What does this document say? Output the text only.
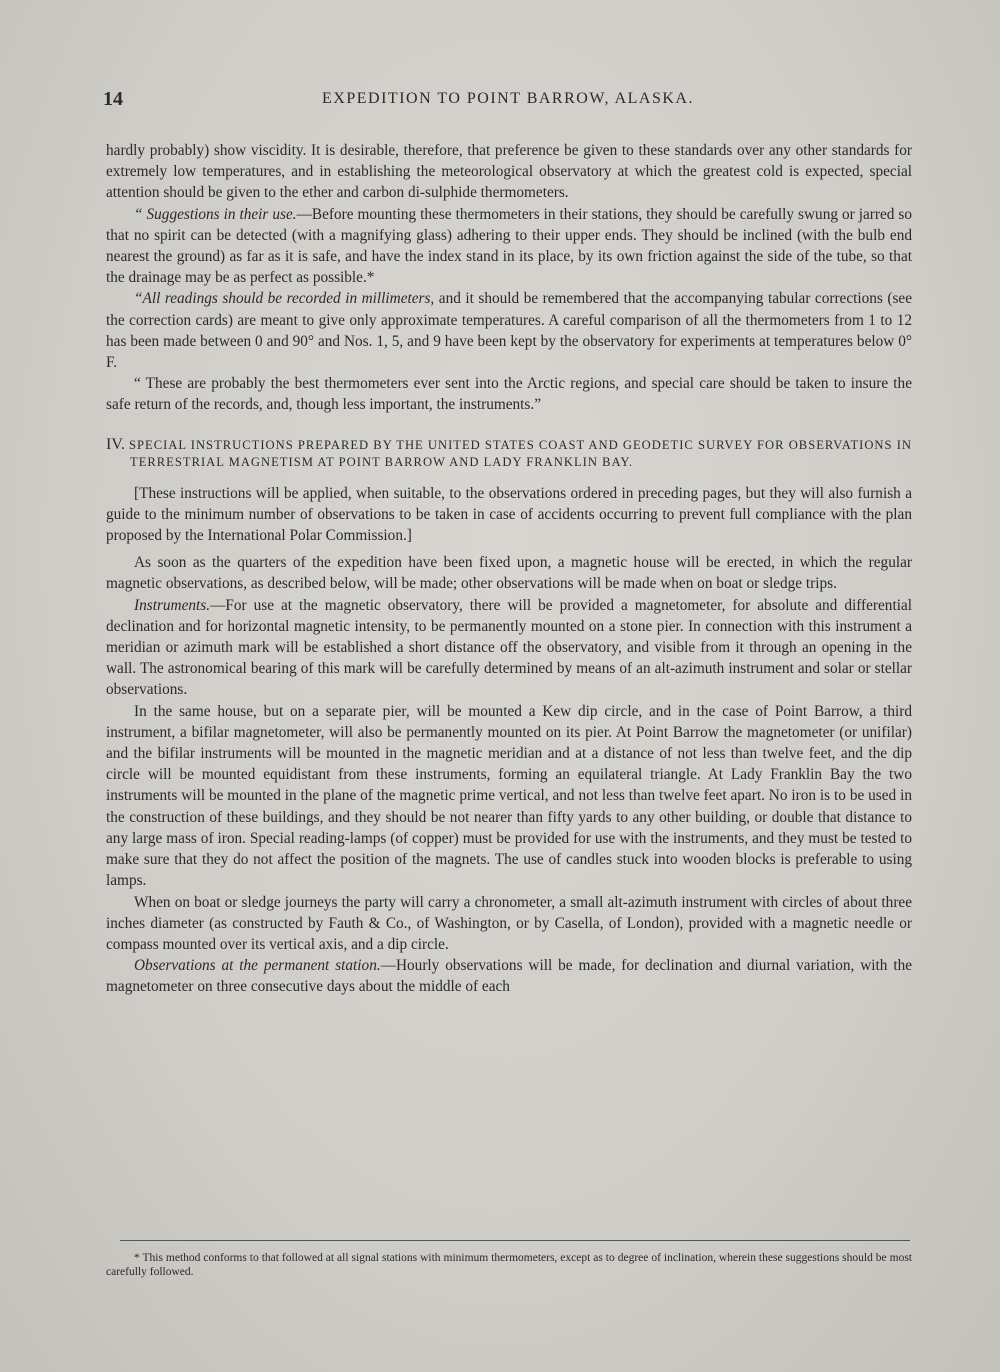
14	EXPEDITION TO POINT BARROW, ALASKA.

hardly probably) show viscidity. It is desirable, therefore, that preference be given to these standards over any other standards for extremely low temperatures, and in establishing the meteorological observatory at which the greatest cold is expected, special attention should be given to the ether and carbon di-sulphide thermometers.

“ Suggestions in their use.—Before mounting these thermometers in their stations, they should be carefully swung or jarred so that no spirit can be detected (with a magnifying glass) adhering to their upper ends. They should be inclined (with the bulb end nearest the ground) as far as it is safe, and have the index stand in its place, by its own friction against the side of the tube, so that the drainage may be as perfect as possible.*

“All readings should be recorded in millimeters, and it should be remembered that the accompanying tabular corrections (see the correction cards) are meant to give only approximate temperatures. A careful comparison of all the thermometers from 1 to 12 has been made between 0 and 90° and Nos. 1, 5, and 9 have been kept by the observatory for experiments at temperatures below 0° F.

“ These are probably the best thermometers ever sent into the Arctic regions, and special care should be taken to insure the safe return of the records, and, though less important, the instruments.”

IV. SPECIAL INSTRUCTIONS PREPARED BY THE UNITED STATES COAST AND GEODETIC SURVEY FOR OBSERVATIONS IN TERRESTRIAL MAGNETISM AT POINT BARROW AND LADY FRANKLIN BAY.

[These instructions will be applied, when suitable, to the observations ordered in preceding pages, but they will also furnish a guide to the minimum number of observations to be taken in case of accidents occurring to prevent full compliance with the plan proposed by the International Polar Commission.]

As soon as the quarters of the expedition have been fixed upon, a magnetic house will be erected, in which the regular magnetic observations, as described below, will be made; other observations will be made when on boat or sledge trips.

Instruments.—For use at the magnetic observatory, there will be provided a magnetometer, for absolute and differential declination and for horizontal magnetic intensity, to be permanently mounted on a stone pier. In connection with this instrument a meridian or azimuth mark will be established a short distance off the observatory, and visible from it through an opening in the wall. The astronomical bearing of this mark will be carefully determined by means of an alt-azimuth instrument and solar or stellar observations.

In the same house, but on a separate pier, will be mounted a Kew dip circle, and in the case of Point Barrow, a third instrument, a bifilar magnetometer, will also be permanently mounted on its pier. At Point Barrow the magnetometer (or unifilar) and the bifilar instruments will be mounted in the magnetic meridian and at a distance of not less than twelve feet, and the dip circle will be mounted equidistant from these instruments, forming an equilateral triangle. At Lady Franklin Bay the two instruments will be mounted in the plane of the magnetic prime vertical, and not less than twelve feet apart. No iron is to be used in the construction of these buildings, and they should be not nearer than fifty yards to any other building, or double that distance to any large mass of iron. Special reading-lamps (of copper) must be provided for use with the instruments, and they must be tested to make sure that they do not affect the position of the magnets. The use of candles stuck into wooden blocks is preferable to using lamps.

When on boat or sledge journeys the party will carry a chronometer, a small alt-azimuth instrument with circles of about three inches diameter (as constructed by Fauth & Co., of Washington, or by Casella, of London), provided with a magnetic needle or compass mounted over its vertical axis, and a dip circle.

Observations at the permanent station.—Hourly observations will be made, for declination and diurnal variation, with the magnetometer on three consecutive days about the middle of each

* This method conforms to that followed at all signal stations with minimum thermometers, except as to degree of inclination, wherein these suggestions should be most carefully followed.
